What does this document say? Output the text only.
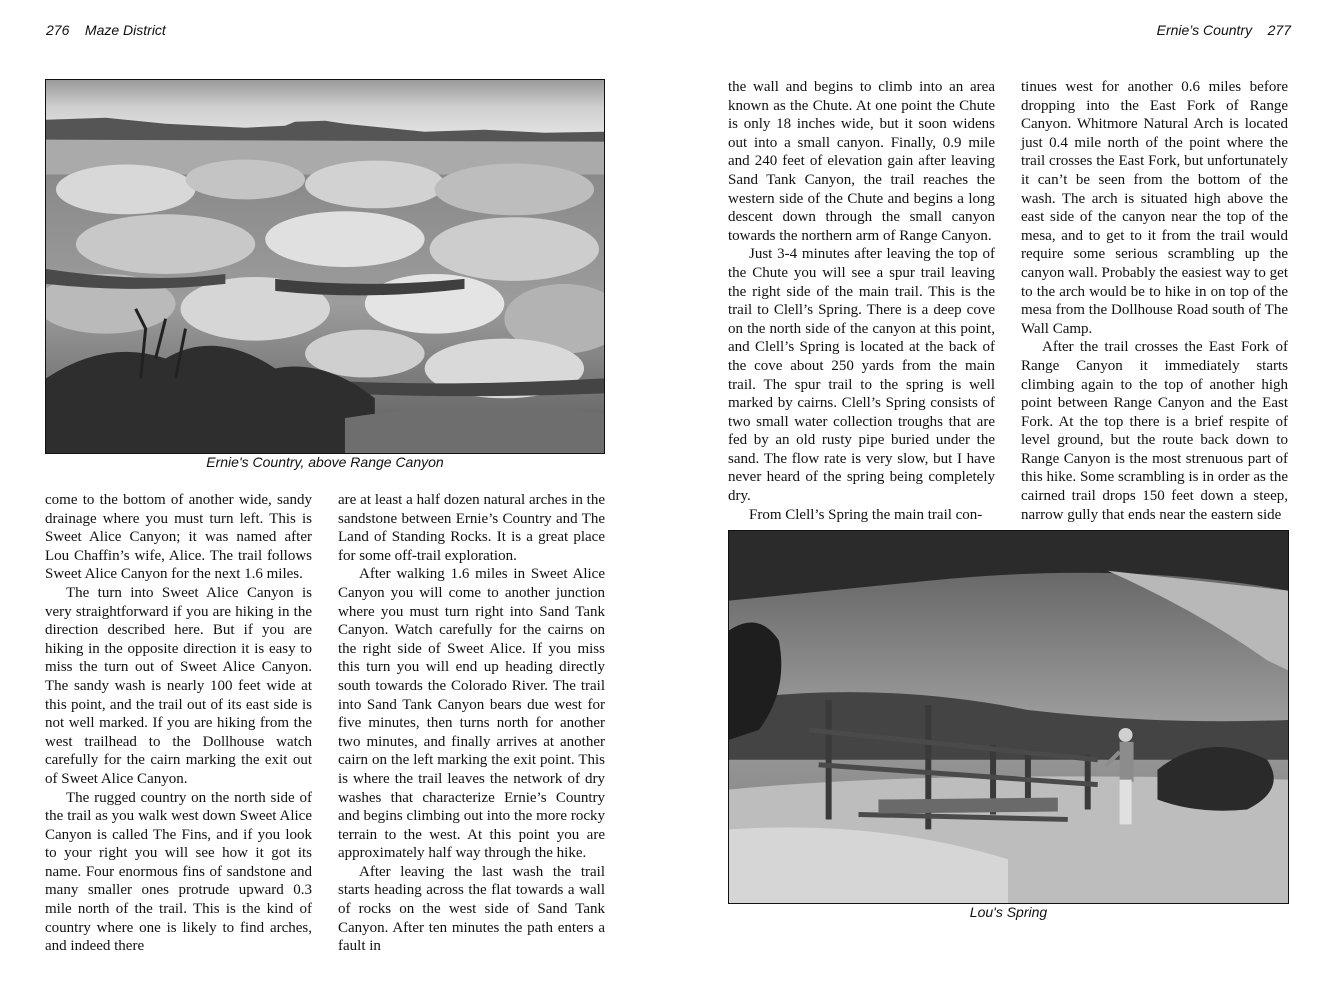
276    Maze District	Ernie’s Country    277
Ernie's Country, above Range Canyon
Lou's Spring

come to the bottom of another wide, sandy drainage where you must turn left. This is Sweet Alice Canyon; it was named after Lou Chaffin’s wife, Alice. The trail follows Sweet Alice Canyon for the next 1.6 miles.

The turn into Sweet Alice Canyon is very straightforward if you are hiking in the direction described here. But if you are hiking in the opposite direction it is easy to miss the turn out of Sweet Alice Canyon. The sandy wash is nearly 100 feet wide at this point, and the trail out of its east side is not well marked. If you are hiking from the west trailhead to the Dollhouse watch carefully for the cairn marking the exit out of Sweet Alice Canyon.

The rugged country on the north side of the trail as you walk west down Sweet Alice Canyon is called The Fins, and if you look to your right you will see how it got its name. Four enormous fins of sandstone and many smaller ones protrude upward 0.3 mile north of the trail. This is the kind of country where one is likely to find arches, and indeed there

are at least a half dozen natural arches in the sandstone between Ernie’s Country and The Land of Standing Rocks. It is a great place for some off-trail exploration.

After walking 1.6 miles in Sweet Alice Canyon you will come to another junction where you must turn right into Sand Tank Canyon. Watch carefully for the cairns on the right side of Sweet Alice. If you miss this turn you will end up heading directly south towards the Colorado River. The trail into Sand Tank Canyon bears due west for five minutes, then turns north for another two minutes, and finally arrives at another cairn on the left marking the exit point. This is where the trail leaves the network of dry washes that characterize Ernie’s Country and begins climbing out into the more rocky terrain to the west. At this point you are approximately half way through the hike.

After leaving the last wash the trail starts heading across the flat towards a wall of rocks on the west side of Sand Tank Canyon. After ten minutes the path enters a fault in

the wall and begins to climb into an area known as the Chute. At one point the Chute is only 18 inches wide, but it soon widens out into a small canyon. Finally, 0.9 mile and 240 feet of elevation gain after leaving Sand Tank Canyon, the trail reaches the western side of the Chute and begins a long descent down through the small canyon towards the northern arm of Range Canyon.

Just 3-4 minutes after leaving the top of the Chute you will see a spur trail leaving the right side of the main trail. This is the trail to Clell’s Spring. There is a deep cove on the north side of the canyon at this point, and Clell’s Spring is located at the back of the cove about 250 yards from the main trail. The spur trail to the spring is well marked by cairns. Clell’s Spring consists of two small water collection troughs that are fed by an old rusty pipe buried under the sand. The flow rate is very slow, but I have never heard of the spring being completely dry.

From Clell’s Spring the main trail con-

tinues west for another 0.6 miles before dropping into the East Fork of Range Canyon. Whitmore Natural Arch is located just 0.4 mile north of the point where the trail crosses the East Fork, but unfortunately it can’t be seen from the bottom of the wash. The arch is situated high above the east side of the canyon near the top of the mesa, and to get to it from the trail would require some serious scrambling up the canyon wall. Probably the easiest way to get to the arch would be to hike in on top of the mesa from the Dollhouse Road south of The Wall Camp.

After the trail crosses the East Fork of Range Canyon it immediately starts climbing again to the top of another high point between Range Canyon and the East Fork. At the top there is a brief respite of level ground, but the route back down to Range Canyon is the most strenuous part of this hike. Some scrambling is in order as the cairned trail drops 150 feet down a steep, narrow gully that ends near the eastern side
